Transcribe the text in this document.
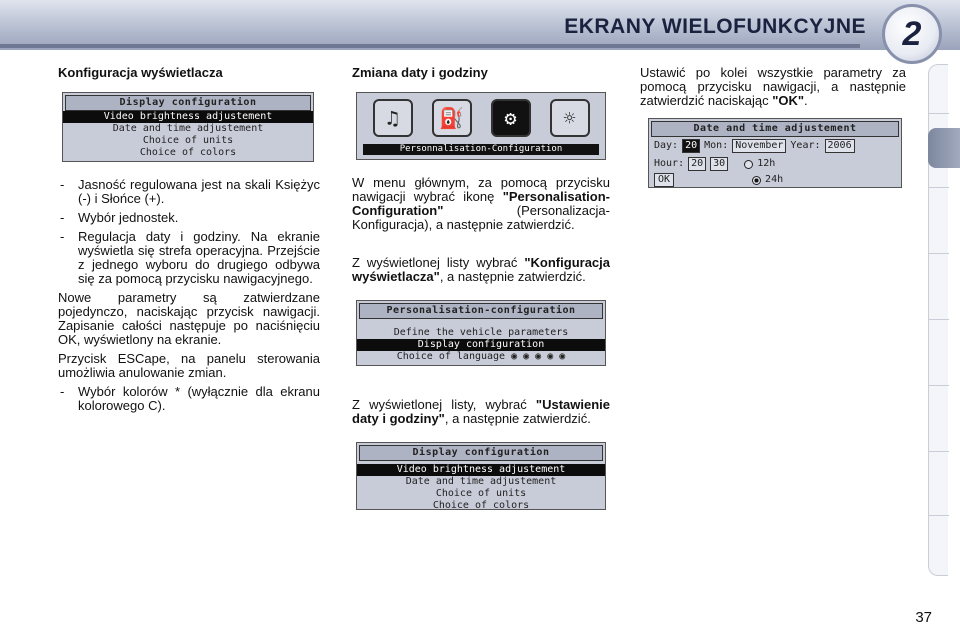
EKRANY WIELOFUNKCYJNE	2
Konfiguracja wyświetlacza
Display configuration
Video brightness adjustement
Date and time adjustement
Choice of units
Choice of colors
- Jasność regulowana jest na skali Księżyc (-) i Słońce (+).
- Wybór jednostek.
- Regulacja daty i godziny. Na ekranie wyświetla się strefa operacyjna. Przejście z jednego wyboru do drugiego odbywa się za pomocą przycisku nawigacyjnego.

Nowe parametry są zatwierdzane pojedynczo, naciskając przycisk nawigacji. Zapisanie całości następuje po naciśnięciu OK, wyświetlony na ekranie.

Przycisk ESCape, na panelu sterowania umożliwia anulowanie zmian.

- Wybór kolorów * (wyłącznie dla ekranu kolorowego C).
Zmiana daty i godziny
♫	⛽	⚙	☼
Personnalisation-Configuration

W menu głównym, za pomocą przycisku nawigacji wybrać ikonę "Personalisation-Configuration" (Personalizacja-Konfiguracja), a następnie zatwierdzić.

Z wyświetlonej listy wybrać "Konfiguracja wyświetlacza", a następnie zatwierdzić.

Personalisation-configuration
Define the vehicle parameters
Display configuration
Choice of language ◉ ◉ ◉ ◉ ◉

Z wyświetlonej listy, wybrać "Ustawienie daty i godziny", a następnie zatwierdzić.

Display configuration
Video brightness adjustement
Date and time adjustement
Choice of units
Choice of colors

Ustawić po kolei wszystkie parametry za pomocą przycisku nawigacji, a następnie zatwierdzić naciskając "OK".

Date and time adjustement
Day: 20 Mon: November Year: 2006
Hour: 20	30	12h
OK	24h
37
